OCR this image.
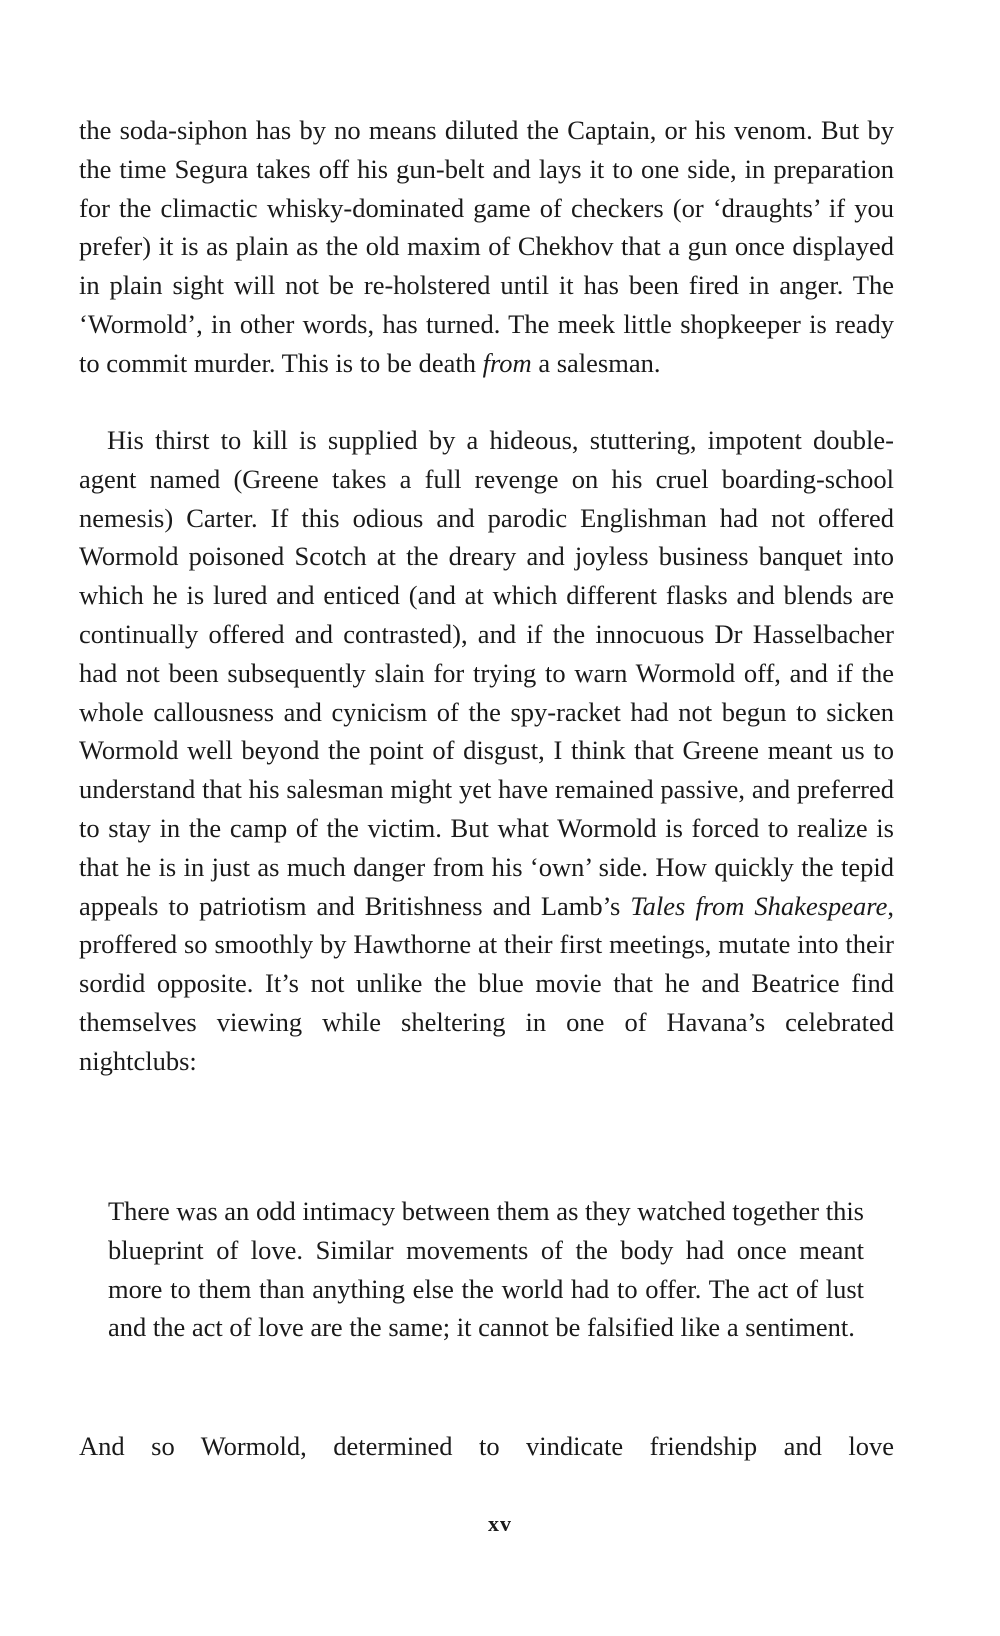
the soda-siphon has by no means diluted the Captain, or his venom. But by the time Segura takes off his gun-belt and lays it to one side, in preparation for the climactic whisky-dominated game of checkers (or ‘draughts’ if you prefer) it is as plain as the old maxim of Chekhov that a gun once displayed in plain sight will not be re-holstered until it has been fired in anger. The ‘Wormold’, in other words, has turned. The meek little shopkeeper is ready to commit murder. This is to be death from a salesman.

His thirst to kill is supplied by a hideous, stuttering, impotent double-agent named (Greene takes a full revenge on his cruel boarding-school nemesis) Carter. If this odious and parodic Englishman had not offered Wormold poisoned Scotch at the dreary and joyless business banquet into which he is lured and enticed (and at which different flasks and blends are continually offered and contrasted), and if the innocuous Dr Hasselbacher had not been subsequently slain for trying to warn Wormold off, and if the whole callousness and cynicism of the spy-racket had not begun to sicken Wormold well beyond the point of disgust, I think that Greene meant us to understand that his salesman might yet have remained passive, and preferred to stay in the camp of the victim. But what Wormold is forced to realize is that he is in just as much danger from his ‘own’ side. How quickly the tepid appeals to patriotism and Britishness and Lamb’s Tales from Shakespeare, proffered so smoothly by Hawthorne at their first meetings, mutate into their sordid opposite. It’s not unlike the blue movie that he and Beatrice find themselves viewing while sheltering in one of Havana’s celebrated nightclubs:

There was an odd intimacy between them as they watched together this blueprint of love. Similar movements of the body had once meant more to them than anything else the world had to offer. The act of lust and the act of love are the same; it cannot be falsified like a sentiment.

And so Wormold, determined to vindicate friendship and love
xv
